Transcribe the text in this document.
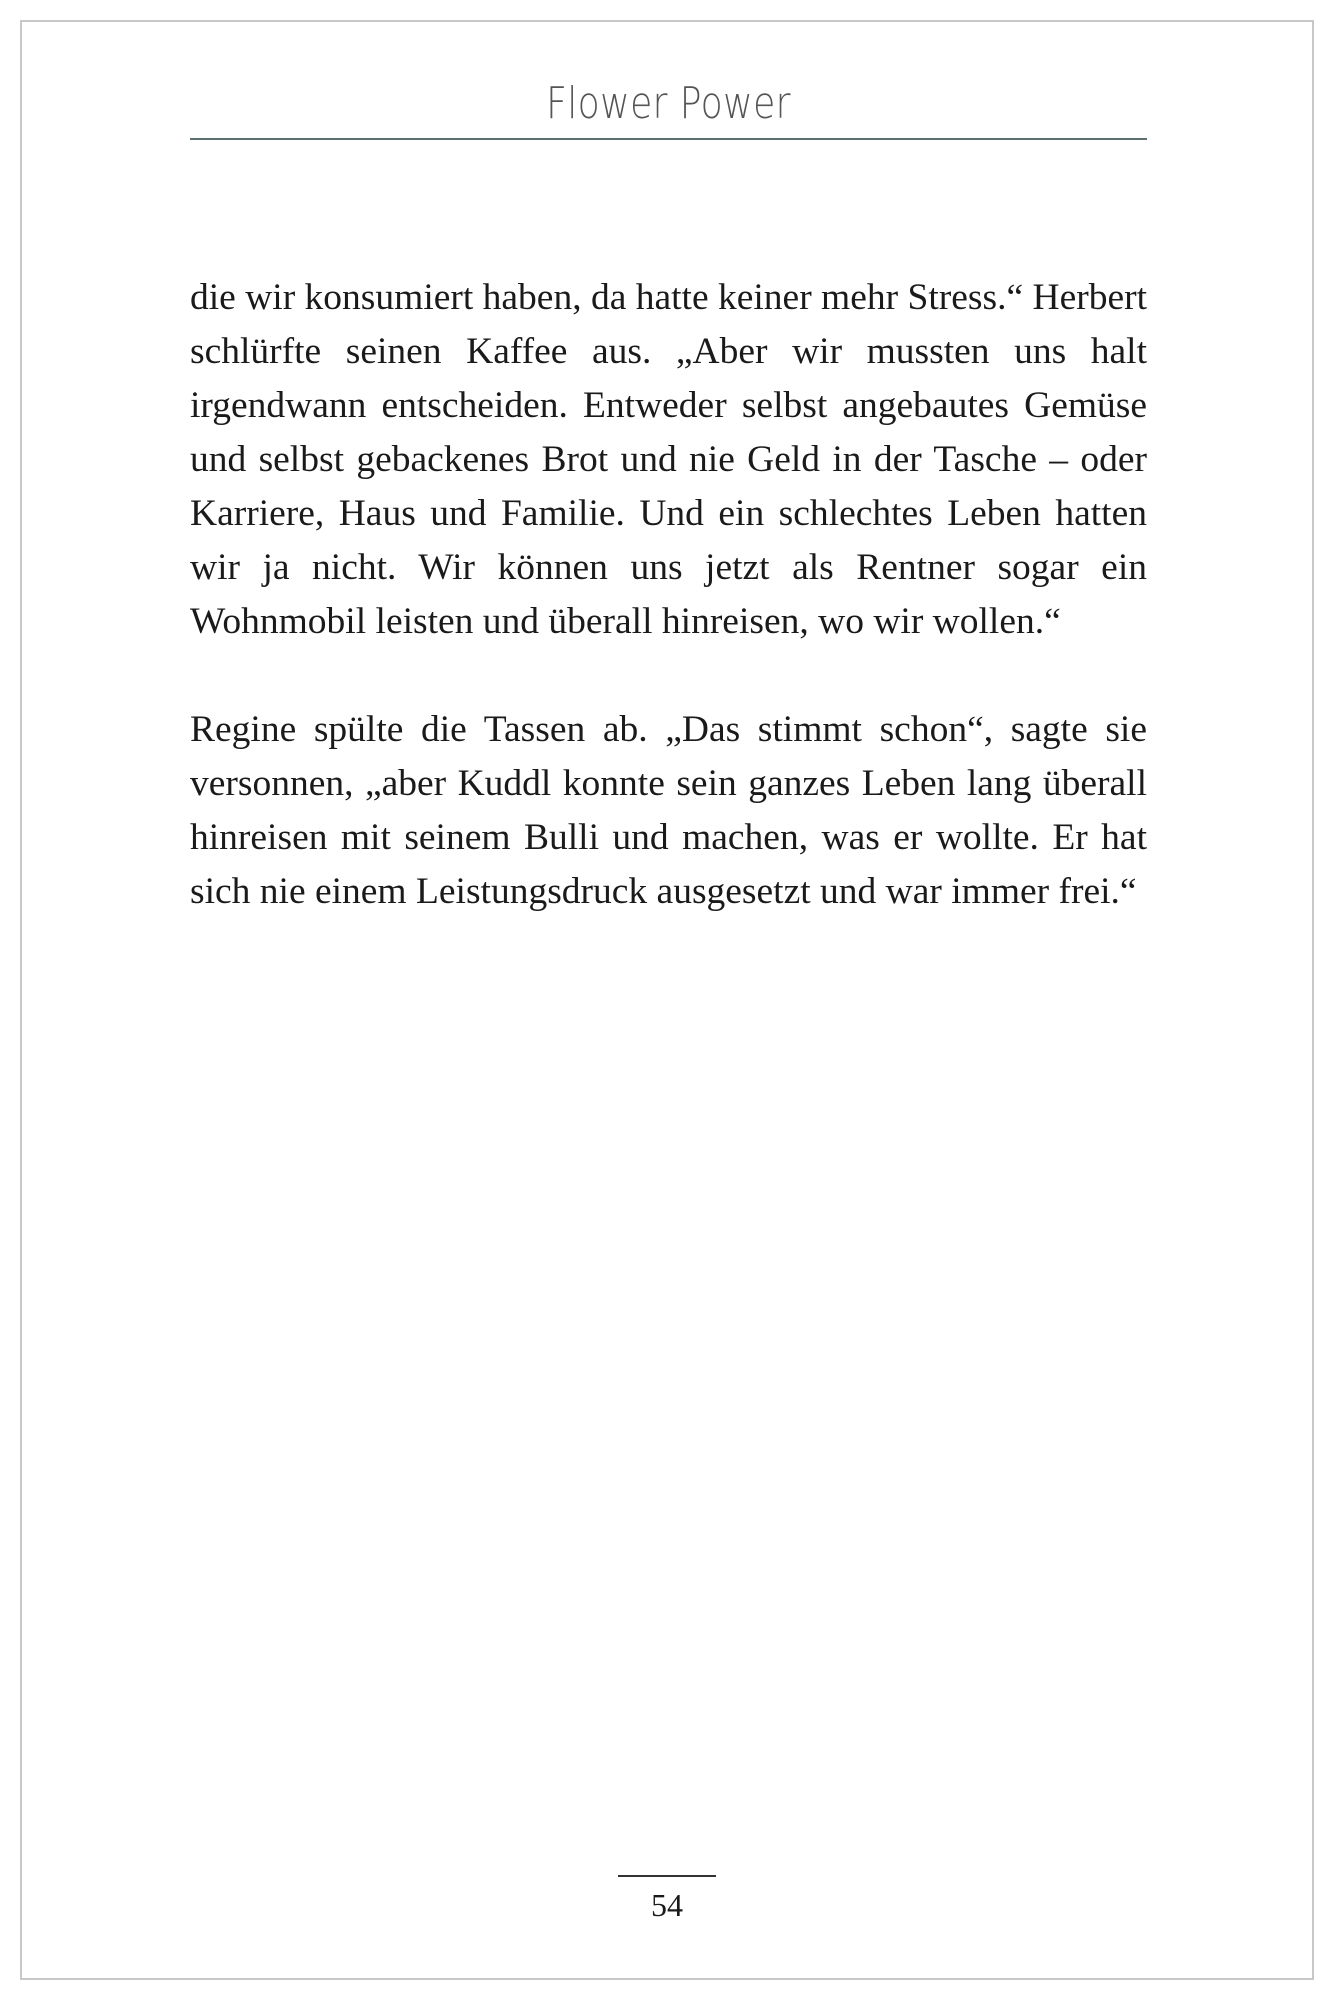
Flower Power

die wir konsumiert haben, da hatte keiner mehr Stress.“ Herbert schlürfte seinen Kaffee aus. „Aber wir mussten uns halt irgendwann entscheiden. Entweder selbst angebautes Gemüse und selbst gebackenes Brot und nie Geld in der Tasche – oder Karriere, Haus und Familie. Und ein schlechtes Leben hatten wir ja nicht. Wir können uns jetzt als Rentner sogar ein Wohnmobil leisten und überall hinreisen, wo wir wollen.“

Regine spülte die Tassen ab. „Das stimmt schon“, sagte sie versonnen, „aber Kuddl konnte sein ganzes Leben lang überall hinreisen mit seinem Bulli und machen, was er wollte. Er hat sich nie einem Leistungsdruck ausgesetzt und war immer frei.“

54
